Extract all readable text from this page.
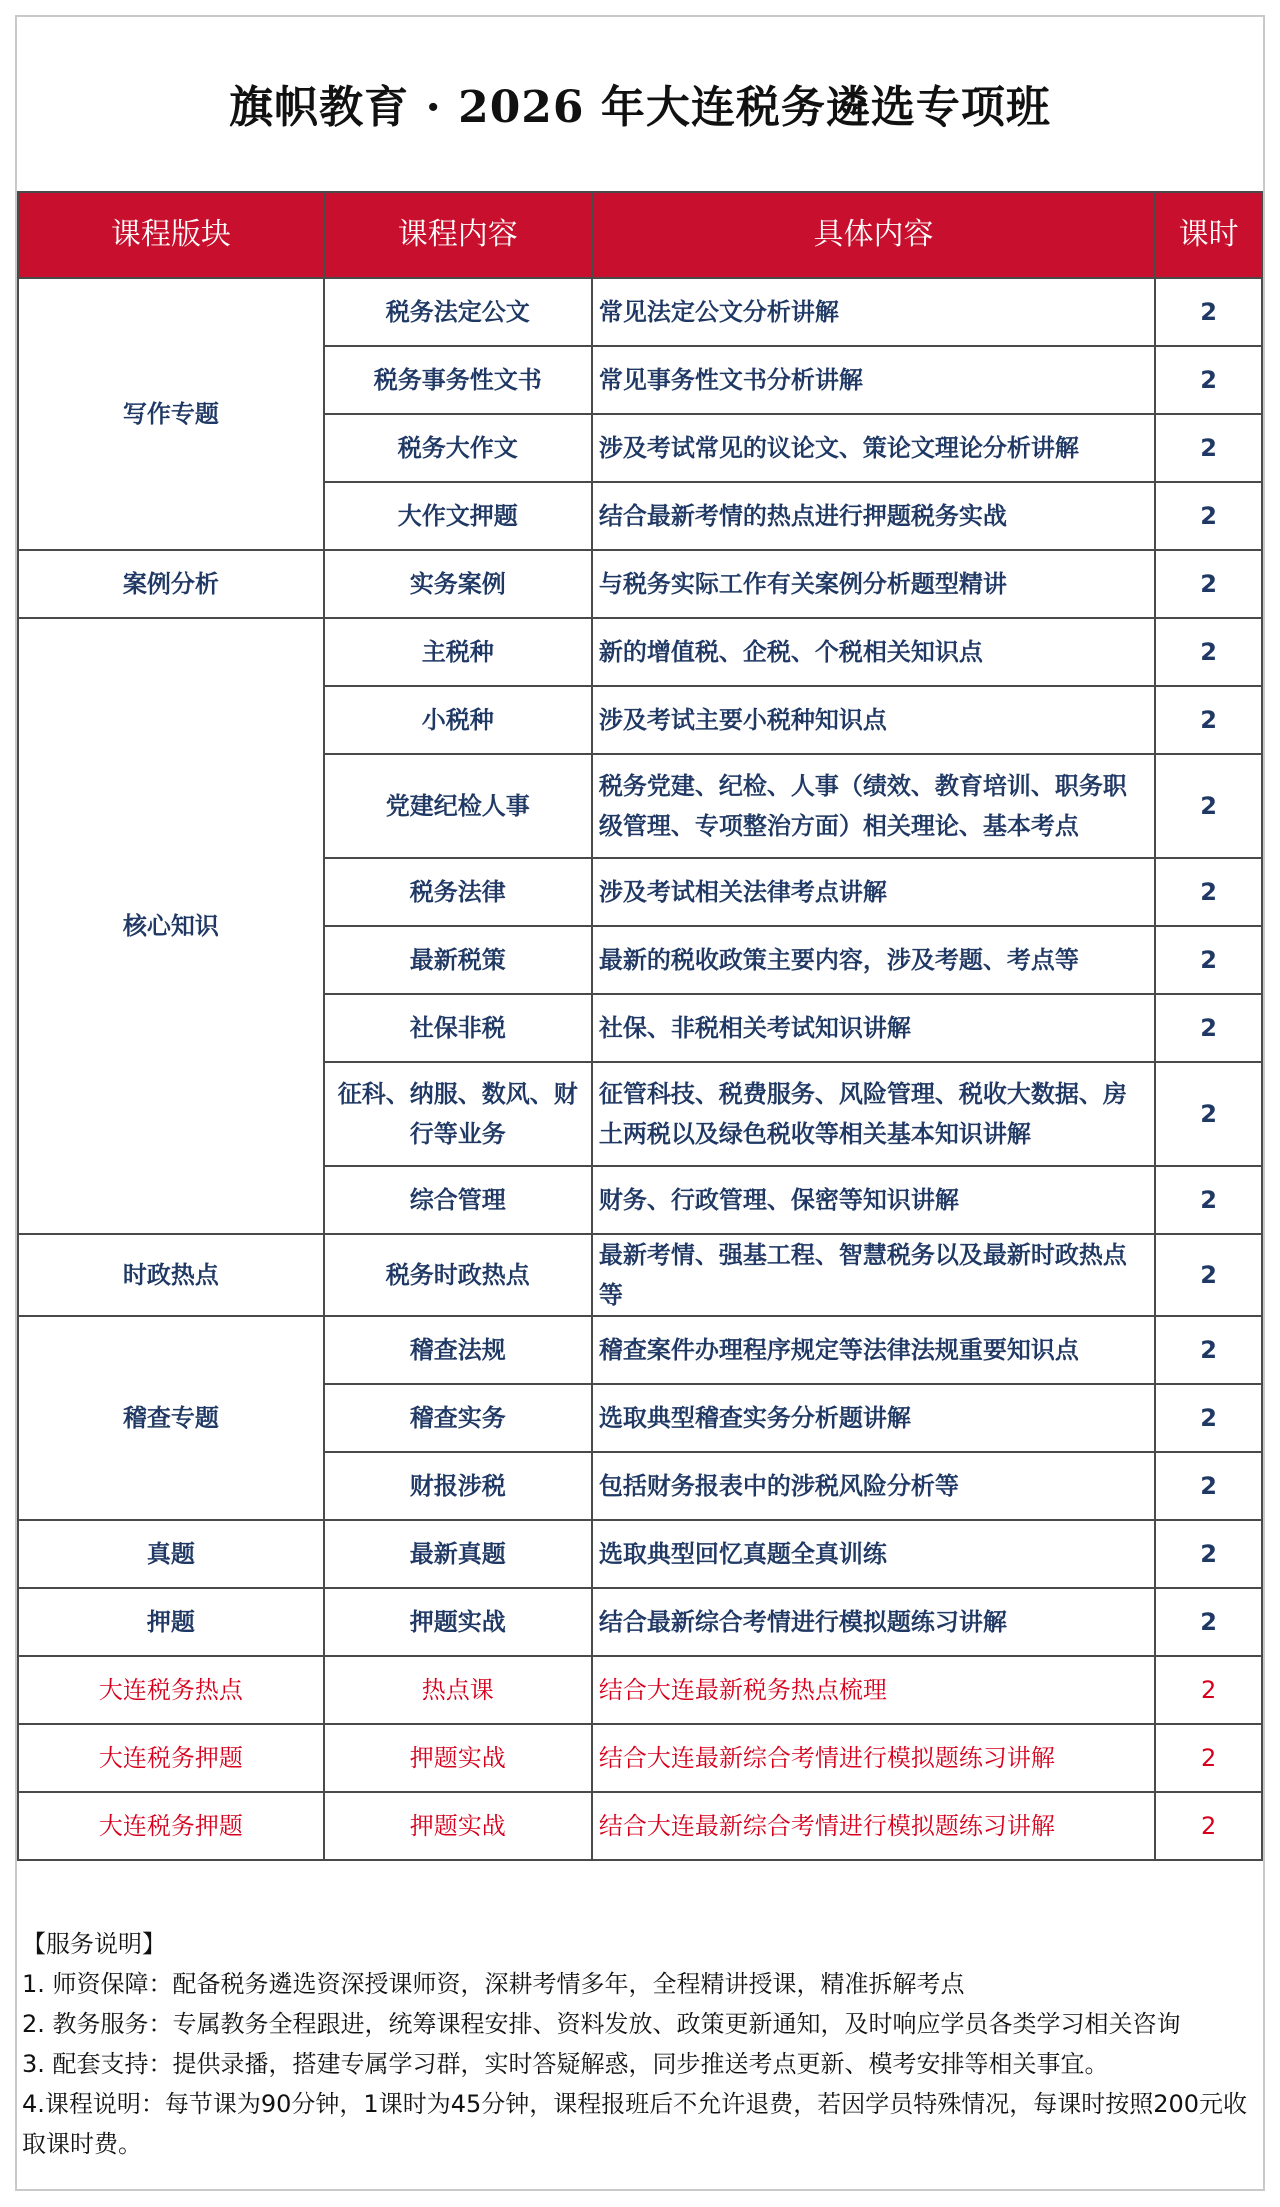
旗帜教育 · 2026 年大连税务遴选专项班
课程版块	课程内容	具体内容	课时
写作专题	税务法定公文	常见法定公文分析讲解	2
	税务事务性文书	常见事务性文书分析讲解	2
	税务大作文	涉及考试常见的议论文、策论文理论分析讲解	2
	大作文押题	结合最新考情的热点进行押题税务实战	2
案例分析	实务案例	与税务实际工作有关案例分析题型精讲	2
核心知识	主税种	新的增值税、企税、个税相关知识点	2
	小税种	涉及考试主要小税种知识点	2
	党建纪检人事	税务党建、纪检、人事（绩效、教育培训、职务职级管理、专项整治方面）相关理论、基本考点	2
	税务法律	涉及考试相关法律考点讲解	2
	最新税策	最新的税收政策主要内容，涉及考题、考点等	2
	社保非税	社保、非税相关考试知识讲解	2
	征科、纳服、数风、财行等业务	征管科技、税费服务、风险管理、税收大数据、房土两税以及绿色税收等相关基本知识讲解	2
	综合管理	财务、行政管理、保密等知识讲解	2
时政热点	税务时政热点	最新考情、强基工程、智慧税务以及最新时政热点等	2
稽查专题	稽查法规	稽查案件办理程序规定等法律法规重要知识点	2
	稽查实务	选取典型稽查实务分析题讲解	2
	财报涉税	包括财务报表中的涉税风险分析等	2
真题	最新真题	选取典型回忆真题全真训练	2
押题	押题实战	结合最新综合考情进行模拟题练习讲解	2
大连税务热点	热点课	结合大连最新税务热点梳理	2
大连税务押题	押题实战	结合大连最新综合考情进行模拟题练习讲解	2
大连税务押题	押题实战	结合大连最新综合考情进行模拟题练习讲解	2
【服务说明】
1. 师资保障：配备税务遴选资深授课师资，深耕考情多年，全程精讲授课，精准拆解考点
2. 教务服务：专属教务全程跟进，统筹课程安排、资料发放、政策更新通知，及时响应学员各类学习相关咨询
3. 配套支持：提供录播，搭建专属学习群，实时答疑解惑，同步推送考点更新、模考安排等相关事宜。
4.课程说明：每节课为90分钟，1课时为45分钟，课程报班后不允许退费，若因学员特殊情况，每课时按照200元收取课时费。
